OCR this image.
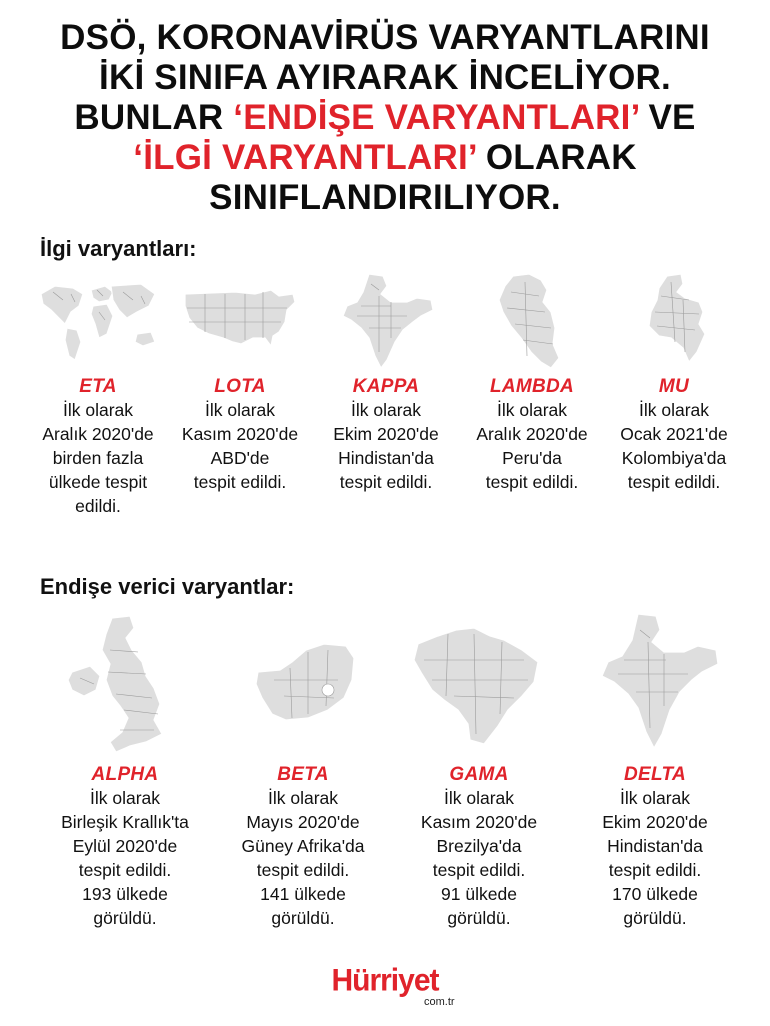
DSÖ, KORONAVİRÜS VARYANTLARINI
İKİ SINIFA AYIRARAK İNCELİYOR.
BUNLAR ‘ENDİŞE VARYANTLARI’ VE
‘İLGİ VARYANTLARI’ OLARAK
SINIFLANDIRILIYOR.
İlgi varyantları:
ETA
İlk olarak
Aralık 2020'de
birden fazla
ülkede tespit
edildi.
LOTA
İlk olarak
Kasım 2020'de
ABD'de
tespit edildi.
KAPPA
İlk olarak
Ekim 2020'de
Hindistan'da
tespit edildi.
LAMBDA
İlk olarak
Aralık 2020'de
Peru'da
tespit edildi.
MU
İlk olarak
Ocak 2021'de
Kolombiya'da
tespit edildi.
Endişe verici varyantlar:
ALPHA
İlk olarak
Birleşik Krallık'ta
Eylül 2020'de
tespit edildi.
193 ülkede
görüldü.
BETA
İlk olarak
Mayıs 2020'de
Güney Afrika'da
tespit edildi.
141 ülkede
görüldü.
GAMA
İlk olarak
Kasım 2020'de
Brezilya'da
tespit edildi.
91 ülkede
görüldü.
DELTA
İlk olarak
Ekim 2020'de
Hindistan'da
tespit edildi.
170 ülkede
görüldü.
Hürriyet
com.tr
